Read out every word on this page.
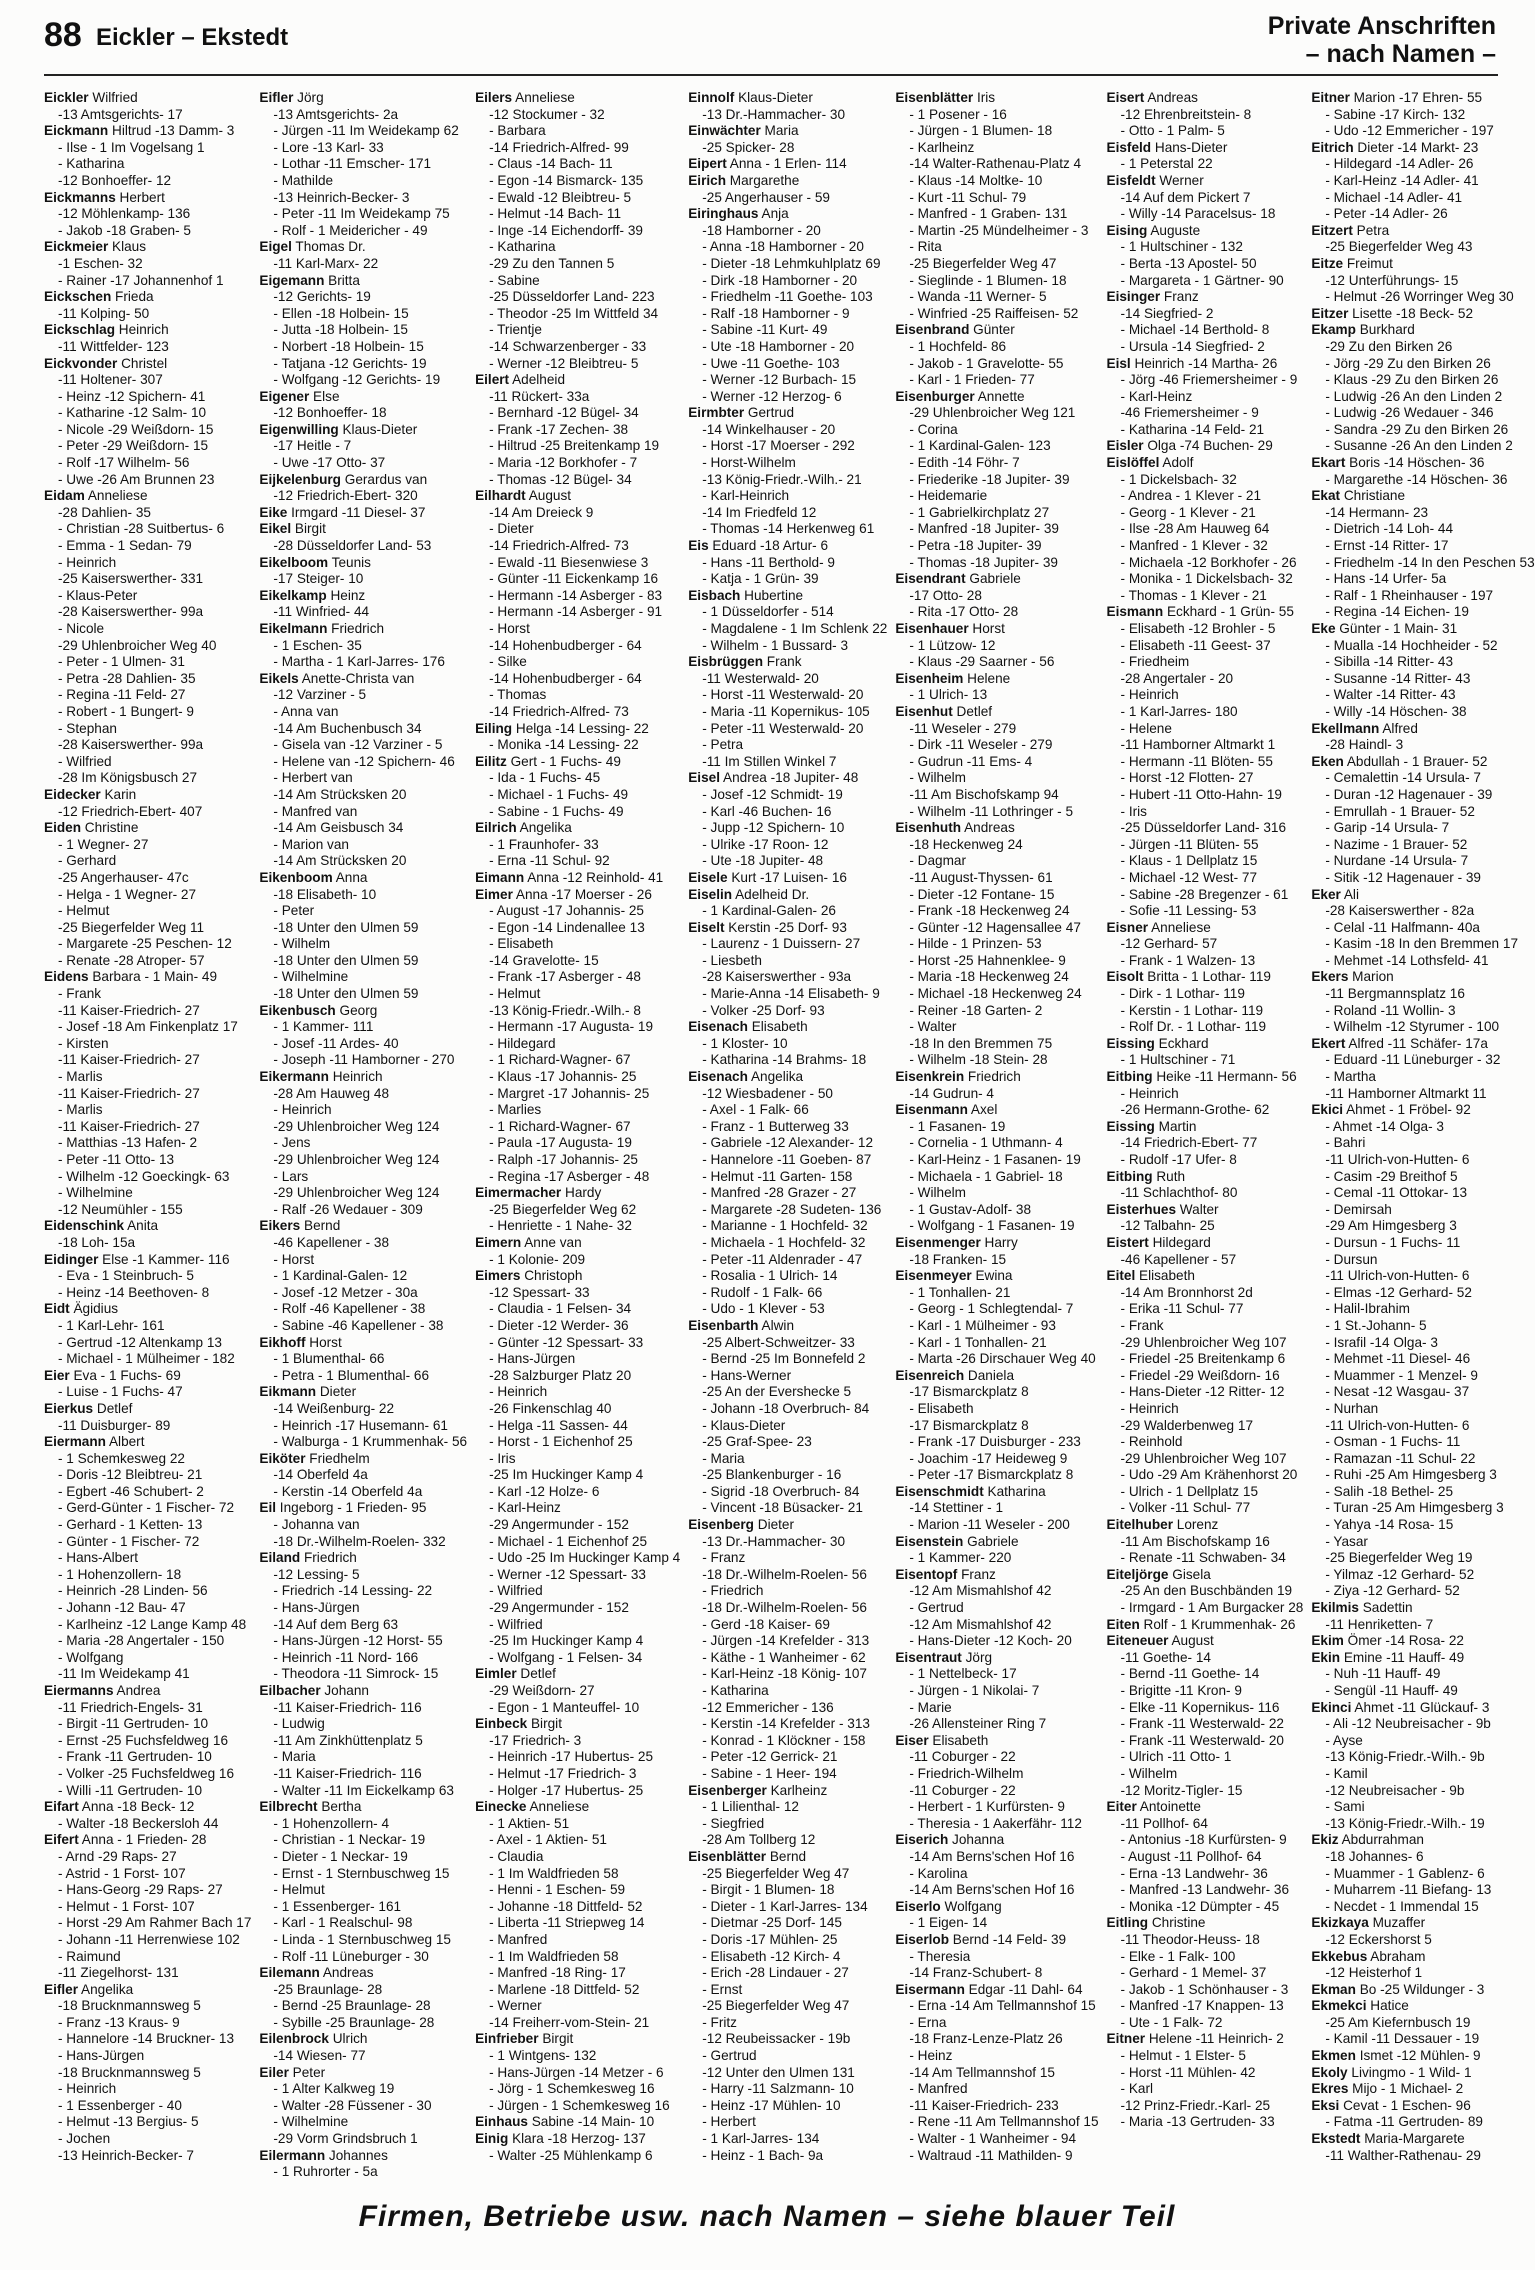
88 Eickler – Ekstedt	Private Anschriften
– nach Namen –
Eickler Wilfried
-13 Amtsgerichts- 17
Eickmann Hiltrud -13 Damm- 3
- Ilse - 1 Im Vogelsang 1
- Katharina
-12 Bonhoeffer- 12
Eickmanns Herbert
-12 Möhlenkamp- 136
- Jakob -18 Graben- 5
Eickmeier Klaus
-1 Eschen- 32
- Rainer -17 Johannenhof 1
Eickschen Frieda
-11 Kolping- 50
Eickschlag Heinrich
-11 Wittfelder- 123
Eickvonder Christel
-11 Holtener- 307
- Heinz -12 Spichern- 41
- Katharine -12 Salm- 10
- Nicole -29 Weißdorn- 15
- Peter -29 Weißdorn- 15
- Rolf -17 Wilhelm- 56
- Uwe -26 Am Brunnen 23
Eidam Anneliese
-28 Dahlien- 35
- Christian -28 Suitbertus- 6
- Emma - 1 Sedan- 79
- Heinrich
-25 Kaiserswerther- 331
- Klaus-Peter
-28 Kaiserswerther- 99a
- Nicole
-29 Uhlenbroicher Weg 40
- Peter - 1 Ulmen- 31
- Petra -28 Dahlien- 35
- Regina -11 Feld- 27
- Robert - 1 Bungert- 9
- Stephan
-28 Kaiserswerther- 99a
- Wilfried
-28 Im Königsbusch 27
Eidecker Karin
-12 Friedrich-Ebert- 407
Eiden Christine
- 1 Wegner- 27
- Gerhard
-25 Angerhauser- 47c
- Helga - 1 Wegner- 27
- Helmut
-25 Biegerfelder Weg 11
- Margarete -25 Peschen- 12
- Renate -28 Atroper- 57
Eidens Barbara - 1 Main- 49
- Frank
-11 Kaiser-Friedrich- 27
- Josef -18 Am Finkenplatz 17
- Kirsten
-11 Kaiser-Friedrich- 27
- Marlis
-11 Kaiser-Friedrich- 27
- Marlis
-11 Kaiser-Friedrich- 27
- Matthias -13 Hafen- 2
- Peter -11 Otto- 13
- Wilhelm -12 Goeckingk- 63
- Wilhelmine
-12 Neumühler - 155
Eidenschink Anita
-18 Loh- 15a
Eidinger Else -1 Kammer- 116
- Eva - 1 Steinbruch- 5
- Heinz -14 Beethoven- 8
Eidt Ägidius
- 1 Karl-Lehr- 161
- Gertrud -12 Altenkamp 13
- Michael - 1 Mülheimer - 182
Eier Eva - 1 Fuchs- 69
- Luise - 1 Fuchs- 47
Eierkus Detlef
-11 Duisburger- 89
Eiermann Albert
- 1 Schemkesweg 22
- Doris -12 Bleibtreu- 21
- Egbert -46 Schubert- 2
- Gerd-Günter - 1 Fischer- 72
- Gerhard - 1 Ketten- 13
- Günter - 1 Fischer- 72
- Hans-Albert
- 1 Hohenzollern- 18
- Heinrich -28 Linden- 56
- Johann -12 Bau- 47
- Karlheinz -12 Lange Kamp 48
- Maria -28 Angertaler - 150
- Wolfgang
-11 Im Weidekamp 41
Eiermanns Andrea
-11 Friedrich-Engels- 31
- Birgit -11 Gertruden- 10
- Ernst -25 Fuchsfeldweg 16
- Frank -11 Gertruden- 10
- Volker -25 Fuchsfeldweg 16
- Willi -11 Gertruden- 10
Eifart Anna -18 Beck- 12
- Walter -18 Beckersloh 44
Eifert Anna - 1 Frieden- 28
- Arnd -29 Raps- 27
- Astrid - 1 Forst- 107
- Hans-Georg -29 Raps- 27
- Helmut - 1 Forst- 107
- Horst -29 Am Rahmer Bach 17
- Johann -11 Herrenwiese 102
- Raimund
-11 Ziegelhorst- 131
Eifler Angelika
-18 Brucknmannsweg 5
- Franz -13 Kraus- 9
- Hannelore -14 Bruckner- 13
- Hans-Jürgen
-18 Brucknmannsweg 5
- Heinrich
- 1 Essenberger - 40
- Helmut -13 Bergius- 5
- Jochen
-13 Heinrich-Becker- 7
Eifler Jörg
-13 Amtsgerichts- 2a
- Jürgen -11 Im Weidekamp 62
- Lore -13 Karl- 33
- Lothar -11 Emscher- 171
- Mathilde
-13 Heinrich-Becker- 3
- Peter -11 Im Weidekamp 75
- Rolf - 1 Meidericher - 49
Eigel Thomas Dr.
-11 Karl-Marx- 22
Eigemann Britta
-12 Gerichts- 19
- Ellen -18 Holbein- 15
- Jutta -18 Holbein- 15
- Norbert -18 Holbein- 15
- Tatjana -12 Gerichts- 19
- Wolfgang -12 Gerichts- 19
Eigener Else
-12 Bonhoeffer- 18
Eigenwilling Klaus-Dieter
-17 Heitle - 7
- Uwe -17 Otto- 37
Eijkelenburg Gerardus van
-12 Friedrich-Ebert- 320
Eike Irmgard -11 Diesel- 37
Eikel Birgit
-28 Düsseldorfer Land- 53
Eikelboom Teunis
-17 Steiger- 10
Eikelkamp Heinz
-11 Winfried- 44
Eikelmann Friedrich
- 1 Eschen- 35
- Martha - 1 Karl-Jarres- 176
Eikels Anette-Christa van
-12 Varziner - 5
- Anna van
-14 Am Buchenbusch 34
- Gisela van -12 Varziner - 5
- Helene van -12 Spichern- 46
- Herbert van
-14 Am Strücksken 20
- Manfred van
-14 Am Geisbusch 34
- Marion van
-14 Am Strücksken 20
Eikenboom Anna
-18 Elisabeth- 10
- Peter
-18 Unter den Ulmen 59
- Wilhelm
-18 Unter den Ulmen 59
- Wilhelmine
-18 Unter den Ulmen 59
Eikenbusch Georg
- 1 Kammer- 111
- Josef -11 Ardes- 40
- Joseph -11 Hamborner - 270
Eikermann Heinrich
-28 Am Hauweg 48
- Heinrich
-29 Uhlenbroicher Weg 124
- Jens
-29 Uhlenbroicher Weg 124
- Lars
-29 Uhlenbroicher Weg 124
- Ralf -26 Wedauer - 309
Eikers Bernd
-46 Kapellener - 38
- Horst
- 1 Kardinal-Galen- 12
- Josef -12 Metzer - 30a
- Rolf -46 Kapellener - 38
- Sabine -46 Kapellener - 38
Eikhoff Horst
- 1 Blumenthal- 66
- Petra - 1 Blumenthal- 66
Eikmann Dieter
-14 Weißenburg- 22
- Heinrich -17 Husemann- 61
- Walburga - 1 Krummenhak- 56
Eiköter Friedhelm
-14 Oberfeld 4a
- Kerstin -14 Oberfeld 4a
Eil Ingeborg - 1 Frieden- 95
- Johanna van
-18 Dr.-Wilhelm-Roelen- 332
Eiland Friedrich
-12 Lessing- 5
- Friedrich -14 Lessing- 22
- Hans-Jürgen
-14 Auf dem Berg 63
- Hans-Jürgen -12 Horst- 55
- Heinrich -11 Nord- 166
- Theodora -11 Simrock- 15
Eilbacher Johann
-11 Kaiser-Friedrich- 116
- Ludwig
-11 Am Zinkhüttenplatz 5
- Maria
-11 Kaiser-Friedrich- 116
- Walter -11 Im Eickelkamp 63
Eilbrecht Bertha
- 1 Hohenzollern- 4
- Christian - 1 Neckar- 19
- Dieter - 1 Neckar- 19
- Ernst - 1 Sternbuschweg 15
- Helmut
- 1 Essenberger- 161
- Karl - 1 Realschul- 98
- Linda - 1 Sternbuschweg 15
- Rolf -11 Lüneburger - 30
Eilemann Andreas
-25 Braunlage- 28
- Bernd -25 Braunlage- 28
- Sybille -25 Braunlage- 28
Eilenbrock Ulrich
-14 Wiesen- 77
Eiler Peter
- 1 Alter Kalkweg 19
- Walter -28 Füssener - 30
- Wilhelmine
-29 Vorm Grindsbruch 1
Eilermann Johannes
- 1 Ruhrorter - 5a
Eilers Anneliese
-12 Stockumer - 32
- Barbara
-14 Friedrich-Alfred- 99
- Claus -14 Bach- 11
- Egon -14 Bismarck- 135
- Ewald -12 Bleibtreu- 5
- Helmut -14 Bach- 11
- Inge -14 Eichendorff- 39
- Katharina
-29 Zu den Tannen 5
- Sabine
-25 Düsseldorfer Land- 223
- Theodor -25 Im Wittfeld 34
- Trientje
-14 Schwarzenberger - 33
- Werner -12 Bleibtreu- 5
Eilert Adelheid
-11 Rückert- 33a
- Bernhard -12 Bügel- 34
- Frank -17 Zechen- 38
- Hiltrud -25 Breitenkamp 19
- Maria -12 Borkhofer - 7
- Thomas -12 Bügel- 34
Eilhardt August
-14 Am Dreieck 9
- Dieter
-14 Friedrich-Alfred- 73
- Ewald -11 Biesenwiese 3
- Günter -11 Eickenkamp 16
- Hermann -14 Asberger - 83
- Hermann -14 Asberger - 91
- Horst
-14 Hohenbudberger - 64
- Silke
-14 Hohenbudberger - 64
- Thomas
-14 Friedrich-Alfred- 73
Eiling Helga -14 Lessing- 22
- Monika -14 Lessing- 22
Eilitz Gert - 1 Fuchs- 49
- Ida - 1 Fuchs- 45
- Michael - 1 Fuchs- 49
- Sabine - 1 Fuchs- 49
Eilrich Angelika
- 1 Fraunhofer- 33
- Erna -11 Schul- 92
Eimann Anna -12 Reinhold- 41
Eimer Anna -17 Moerser - 26
- August -17 Johannis- 25
- Egon -14 Lindenallee 13
- Elisabeth
-14 Gravelotte- 15
- Frank -17 Asberger - 48
- Helmut
-13 König-Friedr.-Wilh.- 8
- Hermann -17 Augusta- 19
- Hildegard
- 1 Richard-Wagner- 67
- Klaus -17 Johannis- 25
- Margret -17 Johannis- 25
- Marlies
- 1 Richard-Wagner- 67
- Paula -17 Augusta- 19
- Ralph -17 Johannis- 25
- Regina -17 Asberger - 48
Eimermacher Hardy
-25 Biegerfelder Weg 62
- Henriette - 1 Nahe- 32
Eimern Anne van
- 1 Kolonie- 209
Eimers Christoph
-12 Spessart- 33
- Claudia - 1 Felsen- 34
- Dieter -12 Werder- 36
- Günter -12 Spessart- 33
- Hans-Jürgen
-28 Salzburger Platz 20
- Heinrich
-26 Finkenschlag 40
- Helga -11 Sassen- 44
- Horst - 1 Eichenhof 25
- Iris
-25 Im Huckinger Kamp 4
- Karl -12 Holze- 6
- Karl-Heinz
-29 Angermunder - 152
- Michael - 1 Eichenhof 25
- Udo -25 Im Huckinger Kamp 4
- Werner -12 Spessart- 33
- Wilfried
-29 Angermunder - 152
- Wilfried
-25 Im Huckinger Kamp 4
- Wolfgang - 1 Felsen- 34
Eimler Detlef
-29 Weißdorn- 27
- Egon - 1 Manteuffel- 10
Einbeck Birgit
-17 Friedrich- 3
- Heinrich -17 Hubertus- 25
- Helmut -17 Friedrich- 3
- Holger -17 Hubertus- 25
Einecke Anneliese
- 1 Aktien- 51
- Axel - 1 Aktien- 51
- Claudia
- 1 Im Waldfrieden 58
- Henni - 1 Eschen- 59
- Johanne -18 Dittfeld- 52
- Liberta -11 Striepweg 14
- Manfred
- 1 Im Waldfrieden 58
- Manfred -18 Ring- 17
- Marlene -18 Dittfeld- 52
- Werner
-14 Freiherr-vom-Stein- 21
Einfrieber Birgit
- 1 Wintgens- 132
- Hans-Jürgen -14 Metzer - 6
- Jörg - 1 Schemkesweg 16
- Jürgen - 1 Schemkesweg 16
Einhaus Sabine -14 Main- 10
Einig Klara -18 Herzog- 137
- Walter -25 Mühlenkamp 6
Einnolf Klaus-Dieter
-13 Dr.-Hammacher- 30
Einwächter Maria
-25 Spicker- 28
Eipert Anna - 1 Erlen- 114
Eirich Margarethe
-25 Angerhauser - 59
Eiringhaus Anja
-18 Hamborner - 20
- Anna -18 Hamborner - 20
- Dieter -18 Lehmkuhlplatz 69
- Dirk -18 Hamborner - 20
- Friedhelm -11 Goethe- 103
- Ralf -18 Hamborner - 9
- Sabine -11 Kurt- 49
- Ute -18 Hamborner - 20
- Uwe -11 Goethe- 103
- Werner -12 Burbach- 15
- Werner -12 Herzog- 6
Eirmbter Gertrud
-14 Winkelhauser - 20
- Horst -17 Moerser - 292
- Horst-Wilhelm
-13 König-Friedr.-Wilh.- 21
- Karl-Heinrich
-14 Im Friedfeld 12
- Thomas -14 Herkenweg 61
Eis Eduard -18 Artur- 6
- Hans -11 Berthold- 9
- Katja - 1 Grün- 39
Eisbach Hubertine
- 1 Düsseldorfer - 514
- Magdalene - 1 Im Schlenk 22
- Wilhelm - 1 Bussard- 3
Eisbrüggen Frank
-11 Westerwald- 20
- Horst -11 Westerwald- 20
- Maria -11 Kopernikus- 105
- Peter -11 Westerwald- 20
- Petra
-11 Im Stillen Winkel 7
Eisel Andrea -18 Jupiter- 48
- Josef -12 Schmidt- 19
- Karl -46 Buchen- 16
- Jupp -12 Spichern- 10
- Ulrike -17 Roon- 12
- Ute -18 Jupiter- 48
Eisele Kurt -17 Luisen- 16
Eiselin Adelheid Dr.
- 1 Kardinal-Galen- 26
Eiselt Kerstin -25 Dorf- 93
- Laurenz - 1 Duissern- 27
- Liesbeth
-28 Kaiserswerther - 93a
- Marie-Anna -14 Elisabeth- 9
- Volker -25 Dorf- 93
Eisenach Elisabeth
- 1 Kloster- 10
- Katharina -14 Brahms- 18
Eisenach Angelika
-12 Wiesbadener - 50
- Axel - 1 Falk- 66
- Franz - 1 Butterweg 33
- Gabriele -12 Alexander- 12
- Hannelore -11 Goeben- 87
- Helmut -11 Garten- 158
- Manfred -28 Grazer - 27
- Margarete -28 Sudeten- 136
- Marianne - 1 Hochfeld- 32
- Michaela - 1 Hochfeld- 32
- Peter -11 Aldenrader - 47
- Rosalia - 1 Ulrich- 14
- Rudolf - 1 Falk- 66
- Udo - 1 Klever - 53
Eisenbarth Alwin
-25 Albert-Schweitzer- 33
- Bernd -25 Im Bonnefeld 2
- Hans-Werner
-25 An der Evershecke 5
- Johann -18 Overbruch- 84
- Klaus-Dieter
-25 Graf-Spee- 23
- Maria
-25 Blankenburger - 16
- Sigrid -18 Overbruch- 84
- Vincent -18 Büsacker- 21
Eisenberg Dieter
-13 Dr.-Hammacher- 30
- Franz
-18 Dr.-Wilhelm-Roelen- 56
- Friedrich
-18 Dr.-Wilhelm-Roelen- 56
- Gerd -18 Kaiser- 69
- Jürgen -14 Krefelder - 313
- Käthe - 1 Wanheimer - 62
- Karl-Heinz -18 König- 107
- Katharina
-12 Emmericher - 136
- Kerstin -14 Krefelder - 313
- Konrad - 1 Klöckner - 158
- Peter -12 Gerrick- 21
- Sabine - 1 Heer- 194
Eisenberger Karlheinz
- 1 Lilienthal- 12
- Siegfried
-28 Am Tollberg 12
Eisenblätter Bernd
-25 Biegerfelder Weg 47
- Birgit - 1 Blumen- 18
- Dieter - 1 Karl-Jarres- 134
- Dietmar -25 Dorf- 145
- Doris -17 Mühlen- 25
- Elisabeth -12 Kirch- 4
- Erich -28 Lindauer - 27
- Ernst
-25 Biegerfelder Weg 47
- Fritz
-12 Reubeissacker - 19b
- Gertrud
-12 Unter den Ulmen 131
- Harry -11 Salzmann- 10
- Heinz -17 Mühlen- 10
- Herbert
- 1 Karl-Jarres- 134
- Heinz - 1 Bach- 9a
Eisenblätter Iris
- 1 Posener - 16
- Jürgen - 1 Blumen- 18
- Karlheinz
-14 Walter-Rathenau-Platz 4
- Klaus -14 Moltke- 10
- Kurt -11 Schul- 79
- Manfred - 1 Graben- 131
- Martin -25 Mündelheimer - 3
- Rita
-25 Biegerfelder Weg 47
- Sieglinde - 1 Blumen- 18
- Wanda -11 Werner- 5
- Winfried -25 Raiffeisen- 52
Eisenbrand Günter
- 1 Hochfeld- 86
- Jakob - 1 Gravelotte- 55
- Karl - 1 Frieden- 77
Eisenburger Annette
-29 Uhlenbroicher Weg 121
- Corina
- 1 Kardinal-Galen- 123
- Edith -14 Föhr- 7
- Friederike -18 Jupiter- 39
- Heidemarie
- 1 Gabrielkirchplatz 27
- Manfred -18 Jupiter- 39
- Petra -18 Jupiter- 39
- Thomas -18 Jupiter- 39
Eisendrant Gabriele
-17 Otto- 28
- Rita -17 Otto- 28
Eisenhauer Horst
- 1 Lützow- 12
- Klaus -29 Saarner - 56
Eisenheim Helene
- 1 Ulrich- 13
Eisenhut Detlef
-11 Weseler - 279
- Dirk -11 Weseler - 279
- Gudrun -11 Ems- 4
- Wilhelm
-11 Am Bischofskamp 94
- Wilhelm -11 Lothringer - 5
Eisenhuth Andreas
-18 Heckenweg 24
- Dagmar
-11 August-Thyssen- 61
- Dieter -12 Fontane- 15
- Frank -18 Heckenweg 24
- Günter -12 Hagensallee 47
- Hilde - 1 Prinzen- 53
- Horst -25 Hahnenklee- 9
- Maria -18 Heckenweg 24
- Michael -18 Heckenweg 24
- Reiner -18 Garten- 2
- Walter
-18 In den Bremmen 75
- Wilhelm -18 Stein- 28
Eisenkrein Friedrich
-14 Gudrun- 4
Eisenmann Axel
- 1 Fasanen- 19
- Cornelia - 1 Uthmann- 4
- Karl-Heinz - 1 Fasanen- 19
- Michaela - 1 Gabriel- 18
- Wilhelm
- 1 Gustav-Adolf- 38
- Wolfgang - 1 Fasanen- 19
Eisenmenger Harry
-18 Franken- 15
Eisenmeyer Ewina
- 1 Tonhallen- 21
- Georg - 1 Schlegtendal- 7
- Karl - 1 Mülheimer - 93
- Karl - 1 Tonhallen- 21
- Marta -26 Dirschauer Weg 40
Eisenreich Daniela
-17 Bismarckplatz 8
- Elisabeth
-17 Bismarckplatz 8
- Frank -17 Duisburger - 233
- Joachim -17 Heideweg 9
- Peter -17 Bismarckplatz 8
Eisenschmidt Katharina
-14 Stettiner - 1
- Marion -11 Weseler - 200
Eisenstein Gabriele
- 1 Kammer- 220
Eisentopf Franz
-12 Am Mismahlshof 42
- Gertrud
-12 Am Mismahlshof 42
- Hans-Dieter -12 Koch- 20
Eisentraut Jörg
- 1 Nettelbeck- 17
- Jürgen - 1 Nikolai- 7
- Marie
-26 Allensteiner Ring 7
Eiser Elisabeth
-11 Coburger - 22
- Friedrich-Wilhelm
-11 Coburger - 22
- Herbert - 1 Kurfürsten- 9
- Theresia - 1 Aakerfähr- 112
Eiserich Johanna
-14 Am Berns'schen Hof 16
- Karolina
-14 Am Berns'schen Hof 16
Eiserlo Wolfgang
- 1 Eigen- 14
Eiserlob Bernd -14 Feld- 39
- Theresia
-14 Franz-Schubert- 8
Eisermann Edgar -11 Dahl- 64
- Erna -14 Am Tellmannshof 15
- Erna
-18 Franz-Lenze-Platz 26
- Heinz
-14 Am Tellmannshof 15
- Manfred
-11 Kaiser-Friedrich- 233
- Rene -11 Am Tellmannshof 15
- Walter - 1 Wanheimer - 94
- Waltraud -11 Mathilden- 9
Eisert Andreas
-12 Ehrenbreitstein- 8
- Otto - 1 Palm- 5
Eisfeld Hans-Dieter
- 1 Peterstal 22
Eisfeldt Werner
-14 Auf dem Pickert 7
- Willy -14 Paracelsus- 18
Eising Auguste
- 1 Hultschiner - 132
- Berta -13 Apostel- 50
- Margareta - 1 Gärtner- 90
Eisinger Franz
-14 Siegfried- 2
- Michael -14 Berthold- 8
- Ursula -14 Siegfried- 2
Eisl Heinrich -14 Martha- 26
- Jörg -46 Friemersheimer - 9
- Karl-Heinz
-46 Friemersheimer - 9
- Katharina -14 Feld- 21
Eisler Olga -74 Buchen- 29
Eislöffel Adolf
- 1 Dickelsbach- 32
- Andrea - 1 Klever - 21
- Georg - 1 Klever - 21
- Ilse -28 Am Hauweg 64
- Manfred - 1 Klever - 32
- Michaela -12 Borkhofer - 26
- Monika - 1 Dickelsbach- 32
- Thomas - 1 Klever - 21
Eismann Eckhard - 1 Grün- 55
- Elisabeth -12 Brohler - 5
- Elisabeth -11 Geest- 37
- Friedheim
-28 Angertaler - 20
- Heinrich
- 1 Karl-Jarres- 180
- Helene
-11 Hamborner Altmarkt 1
- Hermann -11 Blöten- 55
- Horst -12 Flotten- 27
- Hubert -11 Otto-Hahn- 19
- Iris
-25 Düsseldorfer Land- 316
- Jürgen -11 Blüten- 55
- Klaus - 1 Dellplatz 15
- Michael -12 West- 77
- Sabine -28 Bregenzer - 61
- Sofie -11 Lessing- 53
Eisner Anneliese
-12 Gerhard- 57
- Frank - 1 Walzen- 13
Eisolt Britta - 1 Lothar- 119
- Dirk - 1 Lothar- 119
- Kerstin - 1 Lothar- 119
- Rolf Dr. - 1 Lothar- 119
Eissing Eckhard
- 1 Hultschiner - 71
Eitbing Heike -11 Hermann- 56
- Heinrich
-26 Hermann-Grothe- 62
Eissing Martin
-14 Friedrich-Ebert- 77
- Rudolf -17 Ufer- 8
Eitbing Ruth
-11 Schlachthof- 80
Eisterhues Walter
-12 Talbahn- 25
Eistert Hildegard
-46 Kapellener - 57
Eitel Elisabeth
-14 Am Bronnhorst 2d
- Erika -11 Schul- 77
- Frank
-29 Uhlenbroicher Weg 107
- Friedel -25 Breitenkamp 6
- Friedel -29 Weißdorn- 16
- Hans-Dieter -12 Ritter- 12
- Heinrich
-29 Walderbenweg 17
- Reinhold
-29 Uhlenbroicher Weg 107
- Udo -29 Am Krähenhorst 20
- Ulrich - 1 Dellplatz 15
- Volker -11 Schul- 77
Eitelhuber Lorenz
-11 Am Bischofskamp 16
- Renate -11 Schwaben- 34
Eiteljörge Gisela
-25 An den Buschbänden 19
- Irmgard - 1 Am Burgacker 28
Eiten Rolf - 1 Krummenhak- 26
Eiteneuer August
-11 Goethe- 14
- Bernd -11 Goethe- 14
- Brigitte -11 Kron- 9
- Elke -11 Kopernikus- 116
- Frank -11 Westerwald- 22
- Frank -11 Westerwald- 20
- Ulrich -11 Otto- 1
- Wilhelm
-12 Moritz-Tigler- 15
Eiter Antoinette
-11 Pollhof- 64
- Antonius -18 Kurfürsten- 9
- August -11 Pollhof- 64
- Erna -13 Landwehr- 36
- Manfred -13 Landwehr- 36
- Monika -12 Dümpter - 45
Eitling Christine
-11 Theodor-Heuss- 18
- Elke - 1 Falk- 100
- Gerhard - 1 Memel- 37
- Jakob - 1 Schönhauser - 3
- Manfred -17 Knappen- 13
- Ute - 1 Falk- 72
Eitner Helene -11 Heinrich- 2
- Helmut - 1 Elster- 5
- Horst -11 Mühlen- 42
- Karl
-12 Prinz-Friedr.-Karl- 25
- Maria -13 Gertruden- 33
Eitner Marion -17 Ehren- 55
- Sabine -17 Kirch- 132
- Udo -12 Emmericher - 197
Eitrich Dieter -14 Markt- 23
- Hildegard -14 Adler- 26
- Karl-Heinz -14 Adler- 41
- Michael -14 Adler- 41
- Peter -14 Adler- 26
Eitzert Petra
-25 Biegerfelder Weg 43
Eitze Freimut
-12 Unterführungs- 15
- Helmut -26 Worringer Weg 30
Eitzer Lisette -18 Beck- 52
Ekamp Burkhard
-29 Zu den Birken 26
- Jörg -29 Zu den Birken 26
- Klaus -29 Zu den Birken 26
- Ludwig -26 An den Linden 2
- Ludwig -26 Wedauer - 346
- Sandra -29 Zu den Birken 26
- Susanne -26 An den Linden 2
Ekart Boris -14 Höschen- 36
- Margarethe -14 Höschen- 36
Ekat Christiane
-14 Hermann- 23
- Dietrich -14 Loh- 44
- Ernst -14 Ritter- 17
- Friedhelm -14 In den Peschen 53
- Hans -14 Urfer- 5a
- Ralf - 1 Rheinhauser - 197
- Regina -14 Eichen- 19
Eke Günter - 1 Main- 31
- Mualla -14 Hochheider - 52
- Sibilla -14 Ritter- 43
- Susanne -14 Ritter- 43
- Walter -14 Ritter- 43
- Willy -14 Höschen- 38
Ekellmann Alfred
-28 Haindl- 3
Eken Abdullah - 1 Brauer- 52
- Cemalettin -14 Ursula- 7
- Duran -12 Hagenauer - 39
- Emrullah - 1 Brauer- 52
- Garip -14 Ursula- 7
- Nazime - 1 Brauer- 52
- Nurdane -14 Ursula- 7
- Sitik -12 Hagenauer - 39
Eker Ali
-28 Kaiserswerther - 82a
- Celal -11 Halfmann- 40a
- Kasim -18 In den Bremmen 17
- Mehmet -14 Lothsfeld- 41
Ekers Marion
-11 Bergmannsplatz 16
- Roland -11 Wollin- 3
- Wilhelm -12 Styrumer - 100
Ekert Alfred -11 Schäfer- 17a
- Eduard -11 Lüneburger - 32
- Martha
-11 Hamborner Altmarkt 11
Ekici Ahmet - 1 Fröbel- 92
- Ahmet -14 Olga- 3
- Bahri
-11 Ulrich-von-Hutten- 6
- Casim -29 Breithof 5
- Cemal -11 Ottokar- 13
- Demirsah
-29 Am Himgesberg 3
- Dursun - 1 Fuchs- 11
- Dursun
-11 Ulrich-von-Hutten- 6
- Elmas -12 Gerhard- 52
- Halil-Ibrahim
- 1 St.-Johann- 5
- Israfil -14 Olga- 3
- Mehmet -11 Diesel- 46
- Muammer - 1 Menzel- 9
- Nesat -12 Wasgau- 37
- Nurhan
-11 Ulrich-von-Hutten- 6
- Osman - 1 Fuchs- 11
- Ramazan -11 Schul- 22
- Ruhi -25 Am Himgesberg 3
- Salih -18 Bethel- 25
- Turan -25 Am Himgesberg 3
- Yahya -14 Rosa- 15
- Yasar
-25 Biegerfelder Weg 19
- Yilmaz -12 Gerhard- 52
- Ziya -12 Gerhard- 52
Ekilmis Sadettin
-11 Henriketten- 7
Ekim Ömer -14 Rosa- 22
Ekin Emine -11 Hauff- 49
- Nuh -11 Hauff- 49
- Sengül -11 Hauff- 49
Ekinci Ahmet -11 Glückauf- 3
- Ali -12 Neubreisacher - 9b
- Ayse
-13 König-Friedr.-Wilh.- 9b
- Kamil
-12 Neubreisacher - 9b
- Sami
-13 König-Friedr.-Wilh.- 19
Ekiz Abdurrahman
-18 Johannes- 6
- Muammer - 1 Gablenz- 6
- Muharrem -11 Biefang- 13
- Necdet - 1 Immendal 15
Ekizkaya Muzaffer
-12 Eckershorst 5
Ekkebus Abraham
-12 Heisterhof 1
Ekman Bo -25 Wildunger - 3
Ekmekci Hatice
-25 Am Kiefernbusch 19
- Kamil -11 Dessauer - 19
Ekmen Ismet -12 Mühlen- 9
Ekoly Livingmo - 1 Wild- 1
Ekres Mijo - 1 Michael- 2
Eksi Cevat - 1 Eschen- 96
- Fatma -11 Gertruden- 89
Ekstedt Maria-Margarete
-11 Walther-Rathenau- 29
Firmen, Betriebe usw. nach Namen – siehe blauer Teil
